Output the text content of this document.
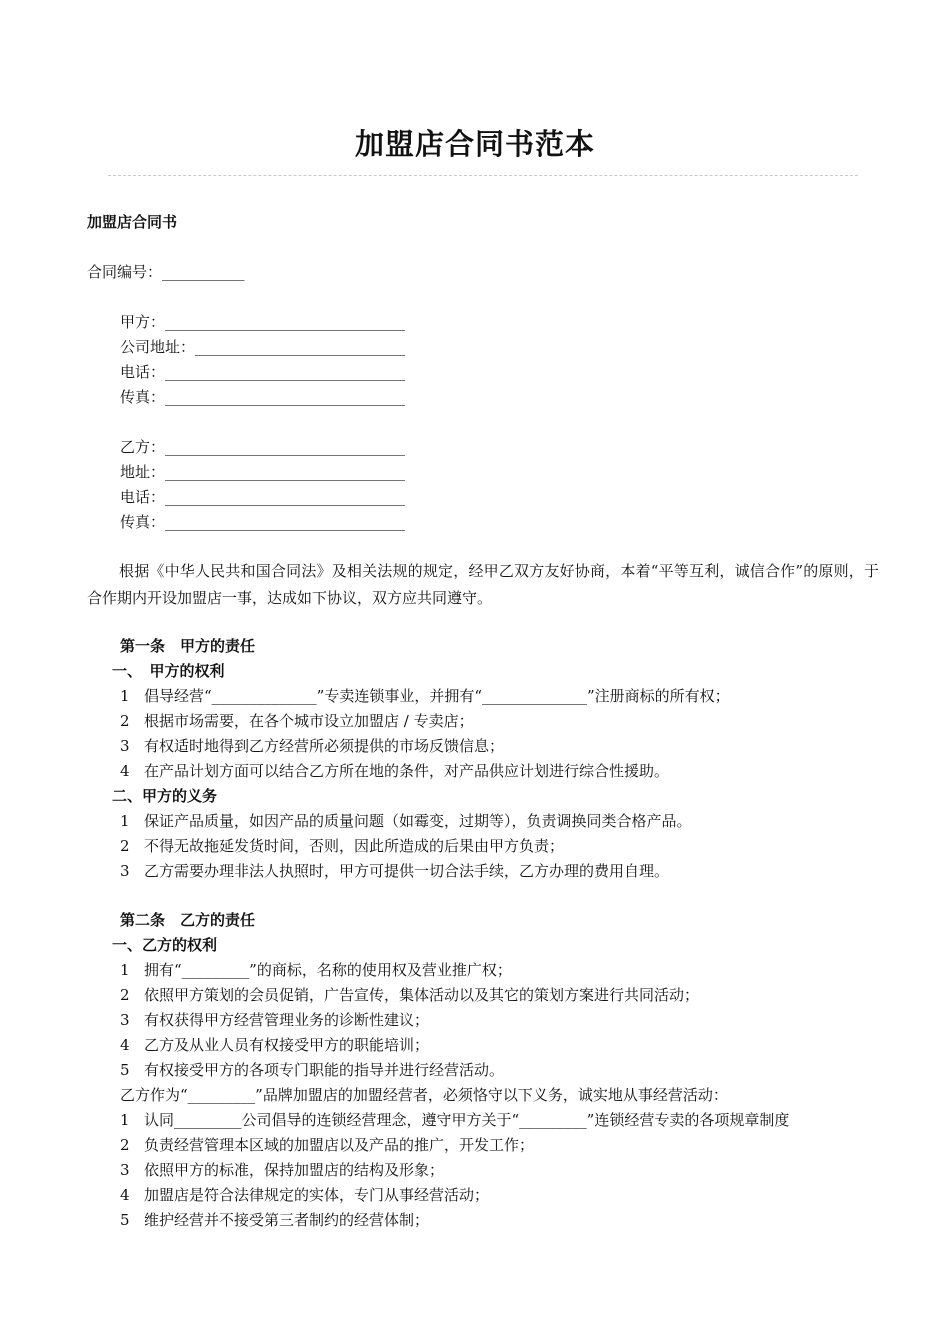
加盟店合同书范本

加盟店合同书

合同编号：___________

甲方：________________________________

公司地址：____________________________

电话：________________________________

传真：________________________________

乙方：________________________________

地址：________________________________

电话：________________________________

传真：________________________________

根据《中华人民共和国合同法》及相关法规的规定，经甲乙双方友好协商，本着“平等互利，诚信合作”的原则，于合作期内开设加盟店一事，达成如下协议，双方应共同遵守。

第一条　甲方的责任

一、　甲方的权利

1 倡导经营“______________”专卖连锁事业，并拥有“______________”注册商标的所有权；
2 根据市场需要，在各个城市设立加盟店 / 专卖店；
3 有权适时地得到乙方经营所必须提供的市场反馈信息；
4 在产品计划方面可以结合乙方所在地的条件，对产品供应计划进行综合性援助。

二、甲方的义务

1 保证产品质量，如因产品的质量问题（如霉变，过期等），负责调换同类合格产品。
2 不得无故拖延发货时间，否则，因此所造成的后果由甲方负责；
3 乙方需要办理非法人执照时，甲方可提供一切合法手续，乙方办理的费用自理。

第二条　乙方的责任

一、乙方的权利

1 拥有“_________”的商标，名称的使用权及营业推广权；
2 依照甲方策划的会员促销，广告宣传，集体活动以及其它的策划方案进行共同活动；
3 有权获得甲方经营管理业务的诊断性建议；
4 乙方及从业人员有权接受甲方的职能培训；
5 有权接受甲方的各项专门职能的指导并进行经营活动。

乙方作为“_________”品牌加盟店的加盟经营者，必须恪守以下义务，诚实地从事经营活动：

1 认同_________公司倡导的连锁经营理念，遵守甲方关于“_________”连锁经营专卖的各项规章制度
2 负责经营管理本区域的加盟店以及产品的推广，开发工作；
3 依照甲方的标准，保持加盟店的结构及形象；
4 加盟店是符合法律规定的实体，专门从事经营活动；
5 维护经营并不接受第三者制约的经营体制；
